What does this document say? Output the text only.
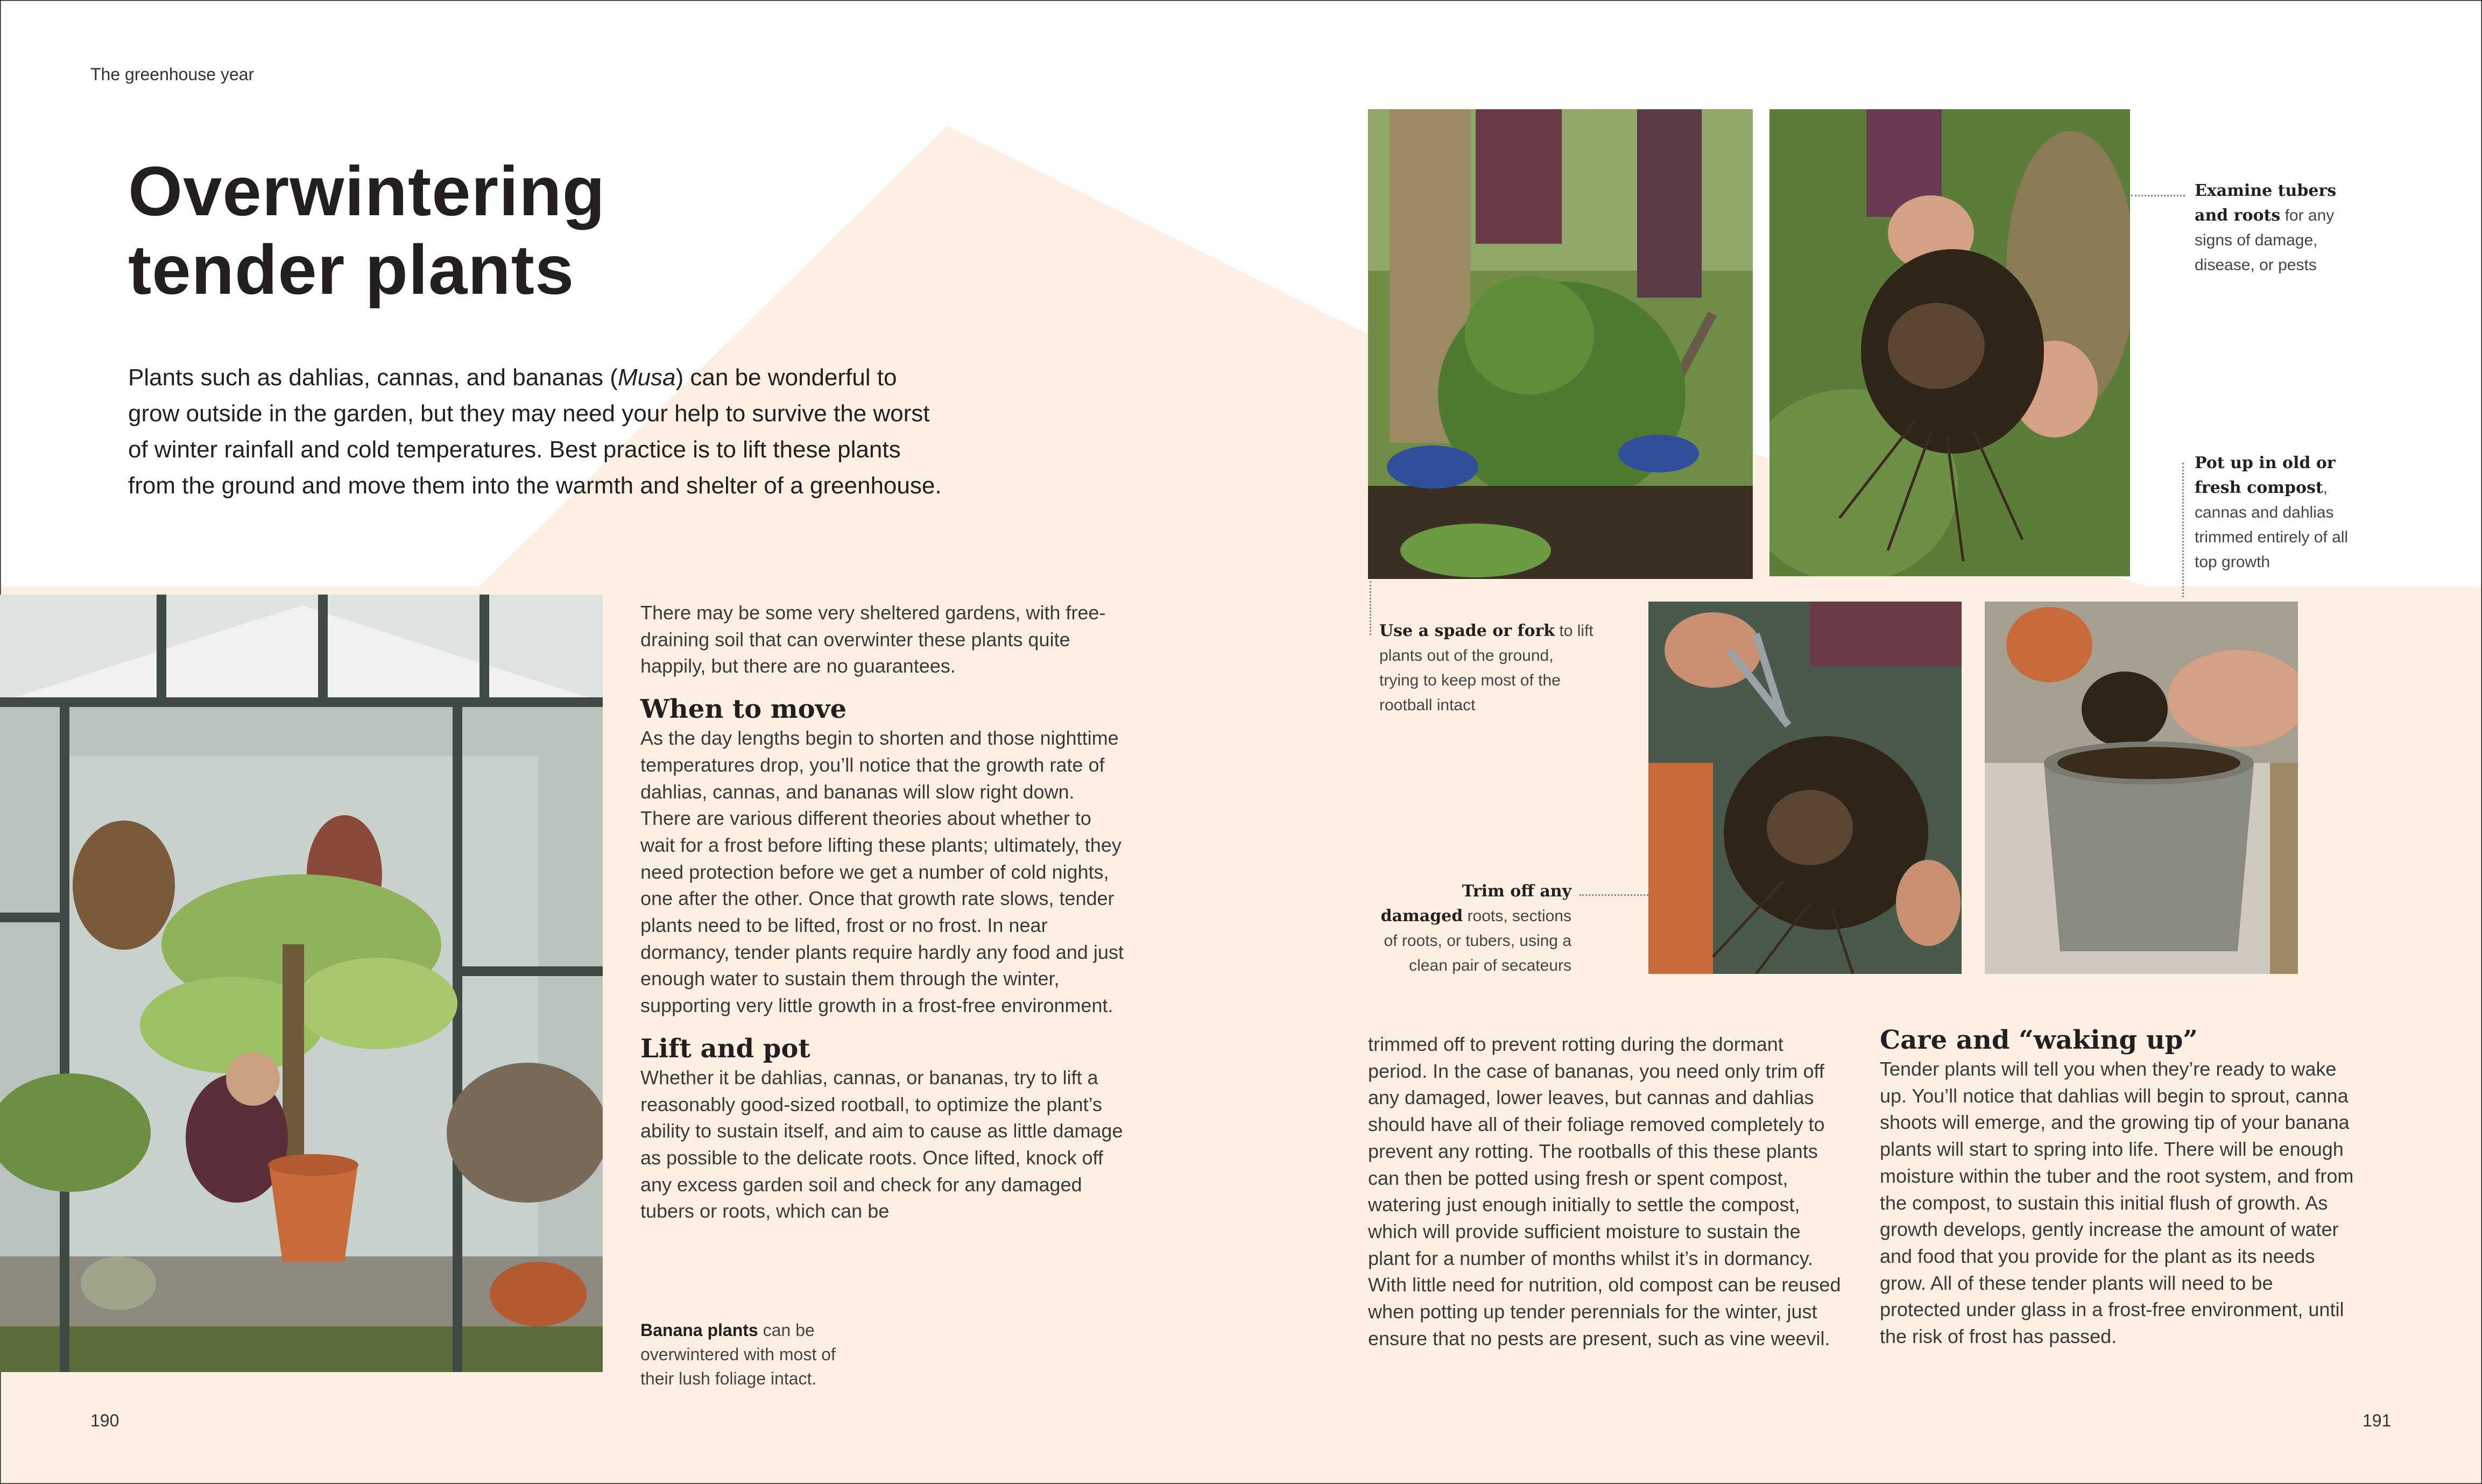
The greenhouse year
Overwintering
tender plants

Plants such as dahlias, cannas, and bananas (Musa) can be wonderful to grow outside in the garden, but they may need your help to survive the worst of winter rainfall and cold temperatures. Best practice is to lift these plants from the ground and move them into the warmth and shelter of a greenhouse.

Banana plants can be overwintered with most of their lush foliage intact.

There may be some very sheltered gardens, with free-draining soil that can overwinter these plants quite happily, but there are no guarantees.

When to move

As the day lengths begin to shorten and those nighttime temperatures drop, you’ll notice that the growth rate of dahlias, cannas, and bananas will slow right down. There are various different theories about whether to wait for a frost before lifting these plants; ultimately, they need protection before we get a number of cold nights, one after the other. Once that growth rate slows, tender plants need to be lifted, frost or no frost. In near dormancy, tender plants require hardly any food and just enough water to sustain them through the winter, supporting very little growth in a frost-free environment.

Lift and pot

Whether it be dahlias, cannas, or bananas, try to lift a reasonably good-sized rootball, to optimize the plant’s ability to sustain itself, and aim to cause as little damage as possible to the delicate roots. Once lifted, knock off any excess garden soil and check for any damaged tubers or roots, which can be

Use a spade or fork to lift plants out of the ground, trying to keep most of the rootball intact
Examine tubers and roots for any signs of damage, disease, or pests
Pot up in old or fresh compost, cannas and dahlias trimmed entirely of all top growth
Trim off any damaged roots, sections of roots, or tubers, using a clean pair of secateurs

trimmed off to prevent rotting during the dormant period. In the case of bananas, you need only trim off any damaged, lower leaves, but cannas and dahlias should have all of their foliage removed completely to prevent any rotting. The rootballs of this these plants can then be potted using fresh or spent compost, watering just enough initially to settle the compost, which will provide sufficient moisture to sustain the plant for a number of months whilst it’s in dormancy. With little need for nutrition, old compost can be reused when potting up tender perennials for the winter, just ensure that no pests are present, such as vine weevil.

Care and “waking up”

Tender plants will tell you when they’re ready to wake up. You’ll notice that dahlias will begin to sprout, canna shoots will emerge, and the growing tip of your banana plants will start to spring into life. There will be enough moisture within the tuber and the root system, and from the compost, to sustain this initial flush of growth. As growth develops, gently increase the amount of water and food that you provide for the plant as its needs grow. All of these tender plants will need to be protected under glass in a frost-free environment, until the risk of frost has passed.

190	191
